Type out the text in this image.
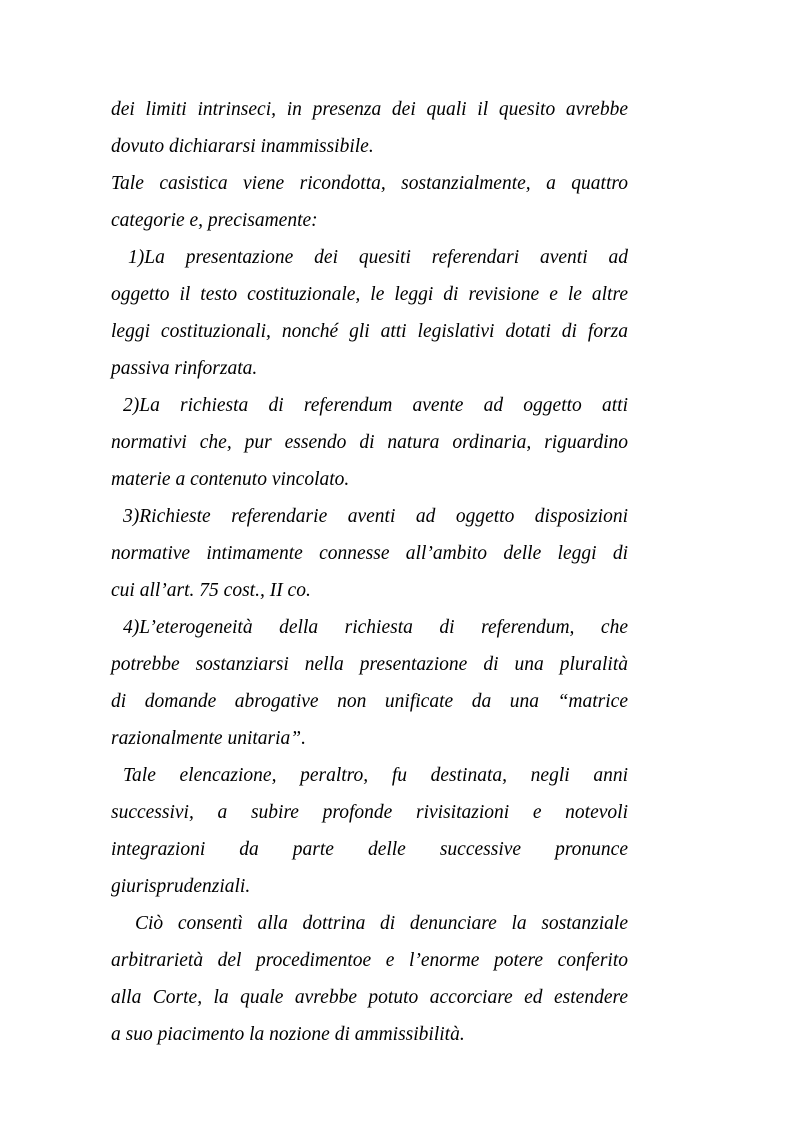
dei limiti intrinseci, in presenza dei quali il quesito avrebbe
dovuto dichiararsi inammissibile.
Tale casistica viene ricondotta, sostanzialmente, a quattro
categorie e, precisamente:
1)La presentazione dei quesiti referendari aventi ad
oggetto il testo costituzionale, le leggi di revisione e le altre
leggi costituzionali, nonché gli atti legislativi dotati di forza
passiva rinforzata.
2)La richiesta di referendum avente ad oggetto atti
normativi che, pur essendo di natura ordinaria, riguardino
materie a contenuto vincolato.
3)Richieste referendarie aventi ad oggetto disposizioni
normative intimamente connesse all’ambito delle leggi di
cui all’art. 75 cost., II co.
4)L’eterogeneità della richiesta di referendum, che
potrebbe sostanziarsi nella presentazione di una pluralità
di domande abrogative non unificate da una “matrice
razionalmente unitaria”.
Tale elencazione, peraltro, fu destinata, negli anni
successivi, a subire profonde rivisitazioni e notevoli
integrazioni da parte delle successive pronunce
giurisprudenziali.
Ciò consentì alla dottrina di denunciare la sostanziale
arbitrarietà del procedimentoe e l’enorme potere conferito
alla Corte, la quale avrebbe potuto accorciare ed estendere
a suo piacimento la nozione di ammissibilità.
